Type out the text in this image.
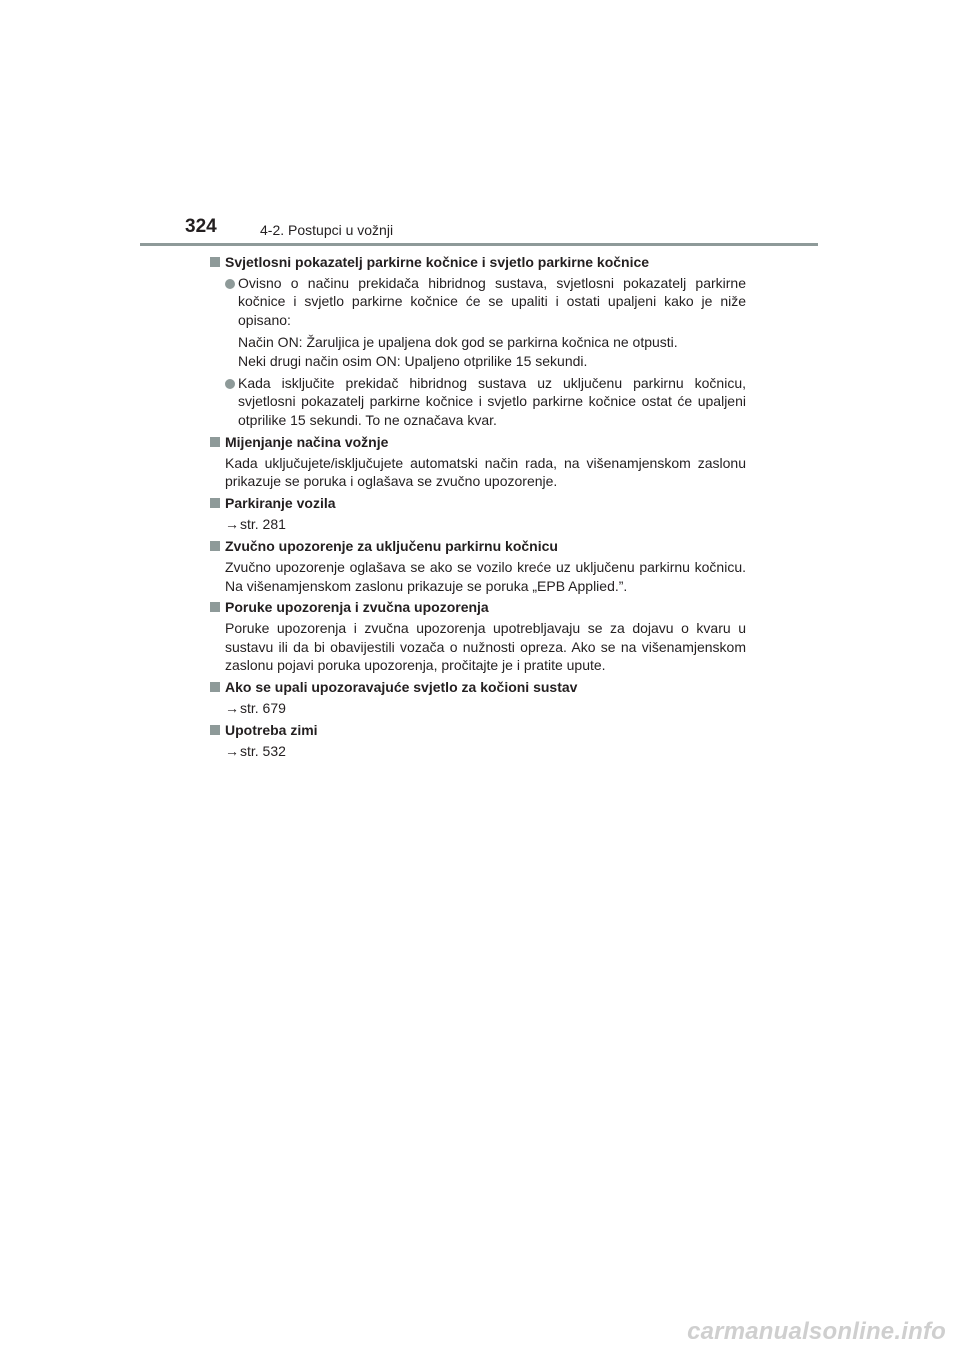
324	4-2. Postupci u vožnji
Svjetlosni pokazatelj parkirne kočnice i svjetlo parkirne kočnice
Ovisno o načinu prekidača hibridnog sustava, svjetlosni pokazatelj parkirne kočnice i svjetlo parkirne kočnice će se upaliti i ostati upaljeni kako je niže opisano:
Način ON: Žaruljica je upaljena dok god se parkirna kočnica ne otpusti.
Neki drugi način osim ON: Upaljeno otprilike 15 sekundi.
Kada isključite prekidač hibridnog sustava uz uključenu parkirnu kočnicu, svjetlosni pokazatelj parkirne kočnice i svjetlo parkirne kočnice ostat će upaljeni otprilike 15 sekundi. To ne označava kvar.
Mijenjanje načina vožnje
Kada uključujete/isključujete automatski način rada, na višenamjenskom zaslonu prikazuje se poruka i oglašava se zvučno upozorenje.
Parkiranje vozila
→str. 281
Zvučno upozorenje za uključenu parkirnu kočnicu
Zvučno upozorenje oglašava se ako se vozilo kreće uz uključenu parkirnu kočnicu. Na višenamjenskom zaslonu prikazuje se poruka „EPB Applied.”.
Poruke upozorenja i zvučna upozorenja
Poruke upozorenja i zvučna upozorenja upotrebljavaju se za dojavu o kvaru u sustavu ili da bi obavijestili vozača o nužnosti opreza. Ako se na višenamjenskom zaslonu pojavi poruka upozorenja, pročitajte je i pratite upute.
Ako se upali upozoravajuće svjetlo za kočioni sustav
→str. 679
Upotreba zimi
→str. 532
carmanualsonline.info
